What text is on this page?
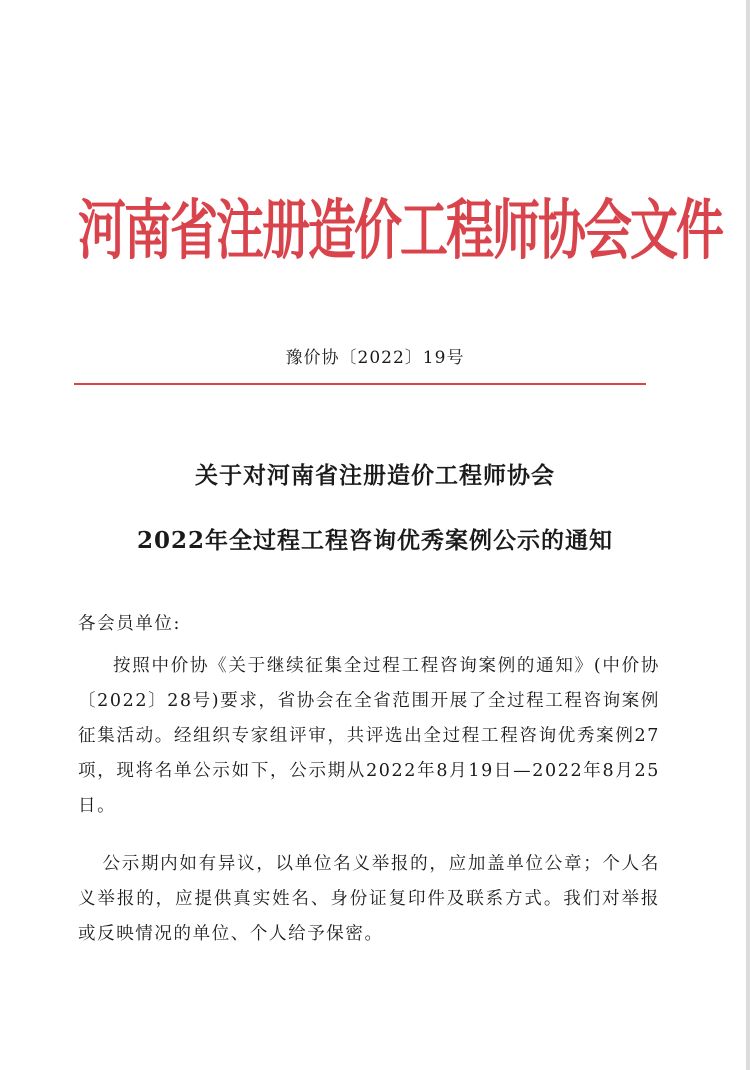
河南省注册造价工程师协会文件
豫价协〔2022〕19号
关于对河南省注册造价工程师协会
2022年全过程工程咨询优秀案例公示的通知

各会员单位:

按照中价协《关于继续征集全过程工程咨询案例的通知》(中价协〔2022〕28号)要求，省协会在全省范围开展了全过程工程咨询案例征集活动。经组织专家组评审，共评选出全过程工程咨询优秀案例27项，现将名单公示如下，公示期从2022年8月19日—2022年8月25日。

公示期内如有异议，以单位名义举报的，应加盖单位公章；个人名义举报的，应提供真实姓名、身份证复印件及联系方式。我们对举报或反映情况的单位、个人给予保密。
